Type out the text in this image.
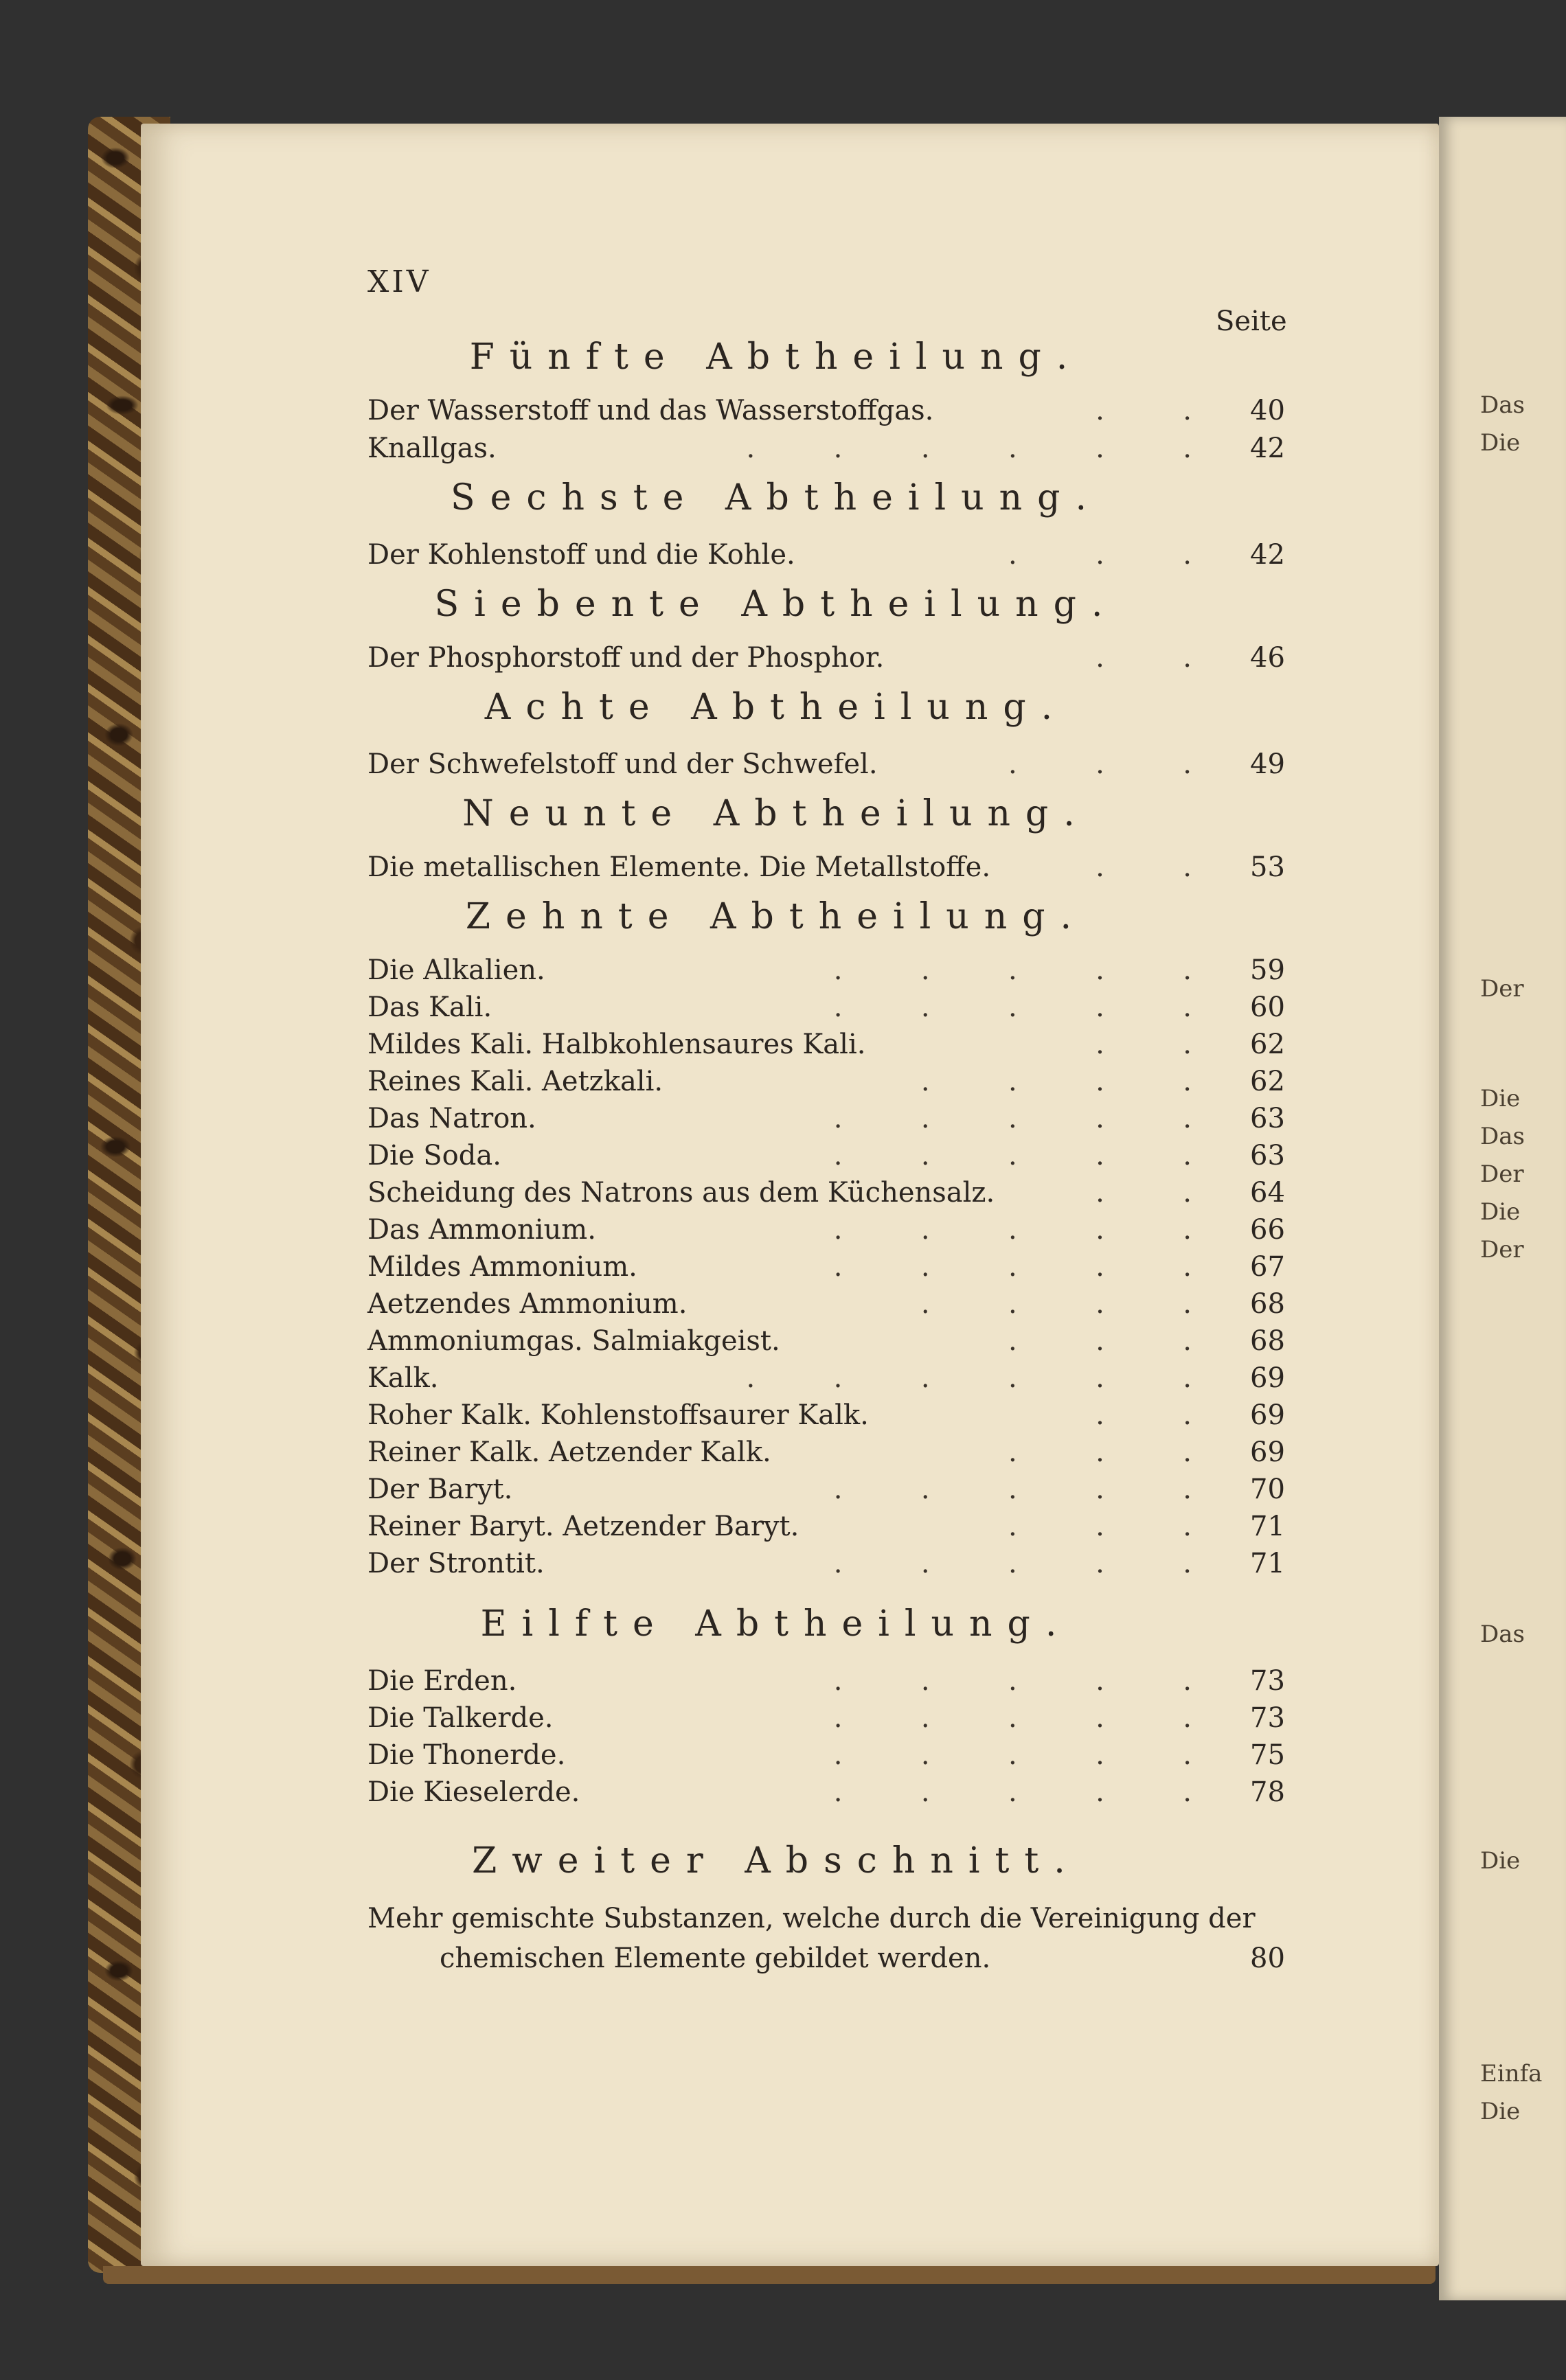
Das
Die
Der
Die
Das
Der
Die
Der
Das
Die
Einfa
Die
XIV
Seite
Fünfte Abtheilung.
Der Wasserstoff und das Wasserstoffgas.	.         . 40
Knallgas.	.         .         .         .         .         . 42
Sechste Abtheilung.
Der Kohlenstoff und die Kohle.	.         .         . 42
Siebente Abtheilung.
Der Phosphorstoff und der Phosphor.	.         . 46
Achte Abtheilung.
Der Schwefelstoff und der Schwefel.	.         .         . 49
Neunte Abtheilung.
Die metallischen Elemente. Die Metallstoffe.	.         . 53
Zehnte Abtheilung.
Die Alkalien.	.         .         .         .         . 59
Das Kali.	.         .         .         .         . 60
Mildes Kali. Halbkohlensaures Kali.	.         . 62
Reines Kali. Aetzkali.	.         .         .         . 62
Das Natron.	.         .         .         .         . 63
Die Soda.	.         .         .         .         . 63
Scheidung des Natrons aus dem Küchensalz.	.         . 64
Das Ammonium.	.         .         .         .         . 66
Mildes Ammonium.	.         .         .         .         . 67
Aetzendes Ammonium.	.         .         .         . 68
Ammoniumgas. Salmiakgeist.	.         .         . 68
Kalk.	.         .         .         .         .         . 69
Roher Kalk. Kohlenstoffsaurer Kalk.	.         . 69
Reiner Kalk. Aetzender Kalk.	.         .         . 69
Der Baryt.	.         .         .         .         . 70
Reiner Baryt. Aetzender Baryt.	.         .         . 71
Der Strontit.	.         .         .         .         . 71
Eilfte Abtheilung.
Die Erden.	.         .         .         .         . 73
Die Talkerde.	.         .         .         .         . 73
Die Thonerde.	.         .         .         .         . 75
Die Kieselerde.	.         .         .         .         . 78
Zweiter Abschnitt.
Mehr gemischte Substanzen, welche durch die Vereinigung der
chemischen Elemente gebildet werden.	80
